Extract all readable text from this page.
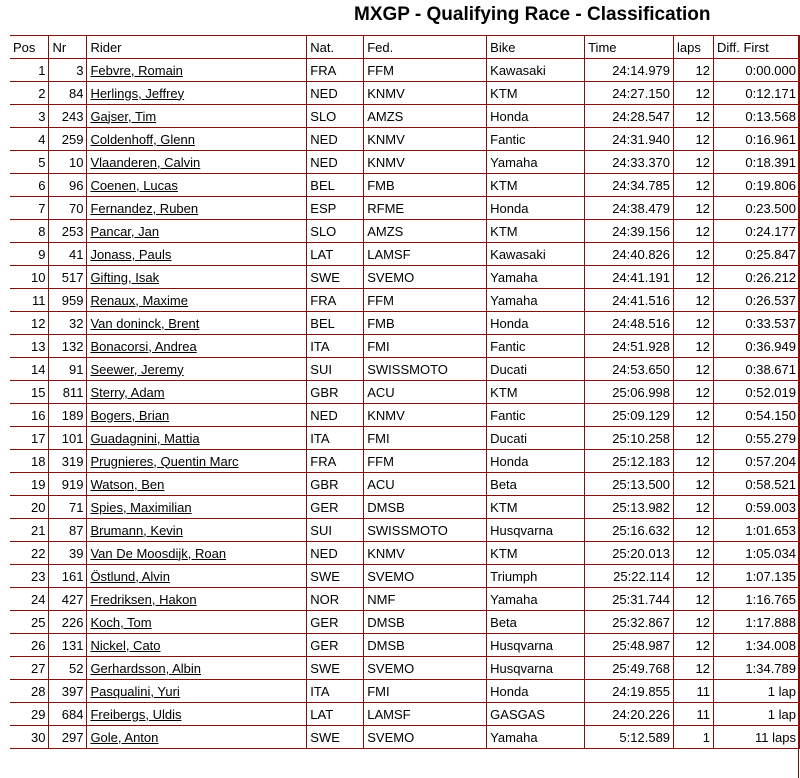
MXGP - Qualifying Race - Classification
Pos	Nr	Rider	Nat.	Fed.	Bike	Time	laps	Diff. First
1	3	Febvre, Romain	FRA	FFM	Kawasaki	24:14.979	12	0:00.000
2	84	Herlings, Jeffrey	NED	KNMV	KTM	24:27.150	12	0:12.171
3	243	Gajser, Tim	SLO	AMZS	Honda	24:28.547	12	0:13.568
4	259	Coldenhoff, Glenn	NED	KNMV	Fantic	24:31.940	12	0:16.961
5	10	Vlaanderen, Calvin	NED	KNMV	Yamaha	24:33.370	12	0:18.391
6	96	Coenen, Lucas	BEL	FMB	KTM	24:34.785	12	0:19.806
7	70	Fernandez, Ruben	ESP	RFME	Honda	24:38.479	12	0:23.500
8	253	Pancar, Jan	SLO	AMZS	KTM	24:39.156	12	0:24.177
9	41	Jonass, Pauls	LAT	LAMSF	Kawasaki	24:40.826	12	0:25.847
10	517	Gifting, Isak	SWE	SVEMO	Yamaha	24:41.191	12	0:26.212
11	959	Renaux, Maxime	FRA	FFM	Yamaha	24:41.516	12	0:26.537
12	32	Van doninck, Brent	BEL	FMB	Honda	24:48.516	12	0:33.537
13	132	Bonacorsi, Andrea	ITA	FMI	Fantic	24:51.928	12	0:36.949
14	91	Seewer, Jeremy	SUI	SWISSMOTO	Ducati	24:53.650	12	0:38.671
15	811	Sterry, Adam	GBR	ACU	KTM	25:06.998	12	0:52.019
16	189	Bogers, Brian	NED	KNMV	Fantic	25:09.129	12	0:54.150
17	101	Guadagnini, Mattia	ITA	FMI	Ducati	25:10.258	12	0:55.279
18	319	Prugnieres, Quentin Marc	FRA	FFM	Honda	25:12.183	12	0:57.204
19	919	Watson, Ben	GBR	ACU	Beta	25:13.500	12	0:58.521
20	71	Spies, Maximilian	GER	DMSB	KTM	25:13.982	12	0:59.003
21	87	Brumann, Kevin	SUI	SWISSMOTO	Husqvarna	25:16.632	12	1:01.653
22	39	Van De Moosdijk, Roan	NED	KNMV	KTM	25:20.013	12	1:05.034
23	161	Östlund, Alvin	SWE	SVEMO	Triumph	25:22.114	12	1:07.135
24	427	Fredriksen, Hakon	NOR	NMF	Yamaha	25:31.744	12	1:16.765
25	226	Koch, Tom	GER	DMSB	Beta	25:32.867	12	1:17.888
26	131	Nickel, Cato	GER	DMSB	Husqvarna	25:48.987	12	1:34.008
27	52	Gerhardsson, Albin	SWE	SVEMO	Husqvarna	25:49.768	12	1:34.789
28	397	Pasqualini, Yuri	ITA	FMI	Honda	24:19.855	11	1 lap
29	684	Freibergs, Uldis	LAT	LAMSF	GASGAS	24:20.226	11	1 lap
30	297	Gole, Anton	SWE	SVEMO	Yamaha	5:12.589	1	11 laps
